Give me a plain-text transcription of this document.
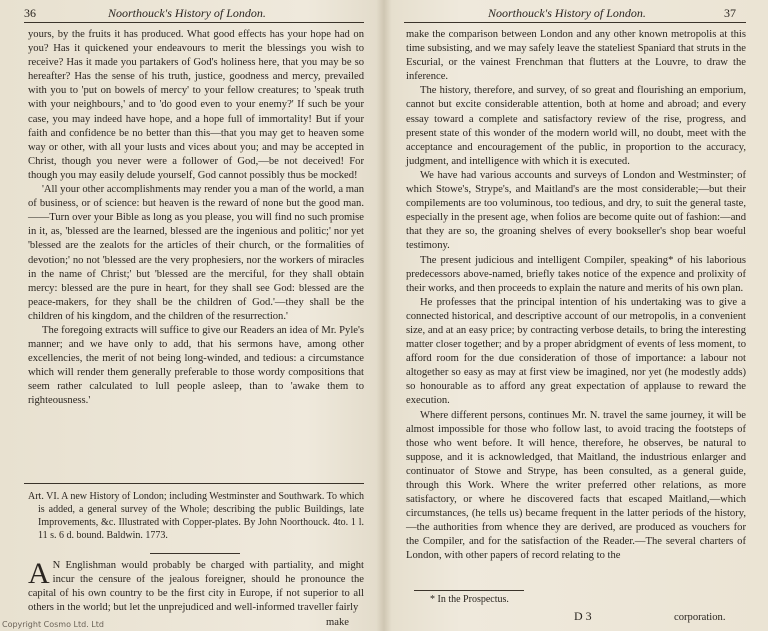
36	Noorthouck's History of London.

yours, by the fruits it has produced. What good effects has your hope had on you? Has it quickened your endeavours to merit the blessings you wish to receive? Has it made you partakers of God's holiness here, that you may be so hereafter? Has the sense of his truth, justice, goodness and mercy, prevailed with you to 'put on bowels of mercy' to your fellow creatures; to 'speak truth with your neighbours,' and to 'do good even to your enemy?' If such be your case, you may indeed have hope, and a hope full of immortality! But if your faith and confidence be no better than this—that you may get to heaven some way or other, with all your lusts and vices about you; and may be accepted in Christ, though you never were a follower of God,—be not deceived! For though you may easily delude yourself, God cannot possibly thus be mocked!

'All your other accomplishments may render you a man of the world, a man of business, or of science: but heaven is the reward of none but the good man.——Turn over your Bible as long as you please, you will find no such promise in it, as, 'blessed are the learned, blessed are the ingenious and politic;' nor yet 'blessed are the zealots for the articles of their church, or the formalities of devotion;' no not 'blessed are the very prophesiers, nor the workers of miracles in the name of Christ;' but 'blessed are the merciful, for they shall obtain mercy: blessed are the pure in heart, for they shall see God: blessed are the peace-makers, for they shall be the children of God.'—they shall be the children of his kingdom, and the children of the resurrection.'

The foregoing extracts will suffice to give our Readers an idea of Mr. Pyle's manner; and we have only to add, that his sermons have, among other excellencies, the merit of not being long-winded, and tedious: a circumstance which will render them generally preferable to those wordy compositions that seem rather calculated to lull people asleep, than to 'awake them to righteousness.'

Art. VI. A new History of London; including Westminster and Southwark. To which is added, a general survey of the Whole; describing the public Buildings, late Improvements, &c. Illustrated with Copper-plates. By John Noorthouck. 4to. 1 l. 11 s. 6 d. bound. Baldwin. 1773.

A N Englishman would probably be charged with partiality, and might incur the censure of the jealous foreigner, should he pronounce the capital of his own country to be the first city in Europe, if not superior to all others in the world; but let the unprejudiced and well-informed traveller fairly
make
Noorthouck's History of London.	37

make the comparison between London and any other known metropolis at this time subsisting, and we may safely leave the stateliest Spaniard that struts in the Escurial, or the vainest Frenchman that flutters at the Louvre, to draw the inference.

The history, therefore, and survey, of so great and flourishing an emporium, cannot but excite considerable attention, both at home and abroad; and every essay toward a complete and satisfactory review of the rise, progress, and present state of this wonder of the modern world will, no doubt, meet with the acceptance and encouragement of the public, in proportion to the accuracy, judgment, and intelligence with which it is executed.

We have had various accounts and surveys of London and Westminster; of which Stowe's, Strype's, and Maitland's are the most considerable;—but their compilements are too voluminous, too tedious, and dry, to suit the general taste, especially in the present age, when folios are become quite out of fashion:—and that they are so, the groaning shelves of every bookseller's shop bear woeful testimony.

The present judicious and intelligent Compiler, speaking* of his laborious predecessors above-named, briefly takes notice of the expence and prolixity of their works, and then proceeds to explain the nature and merits of his own plan.

He professes that the principal intention of his undertaking was to give a connected historical, and descriptive account of our metropolis, in a convenient size, and at an easy price; by contracting verbose details, to bring the interesting matter closer together; and by a proper abridgment of events of less moment, to afford room for the due consideration of those of importance: a labour not altogether so easy as may at first view be imagined, nor yet (he modestly adds) so honourable as to afford any great expectation of applause to reward the execution.

Where different persons, continues Mr. N. travel the same journey, it will be almost impossible for those who follow last, to avoid tracing the footsteps of those who went before. It will hence, therefore, he observes, be natural to suppose, and it is acknowledged, that Maitland, the industrious enlarger and continuator of Stowe and Strype, has been consulted, as a general guide, through this Work. Where the writer preferred other relations, as more satisfactory, or where he discovered facts that escaped Maitland,—which circumstances, (he tells us) became frequent in the latter periods of the history,—the authorities from whence they are derived, are produced as vouchers for the Compiler, and for the satisfaction of the Reader.—The several charters of London, with other papers of record relating to the

* In the Prospectus.
D 3	corporation.
Copyright Cosmo Ltd. Ltd
